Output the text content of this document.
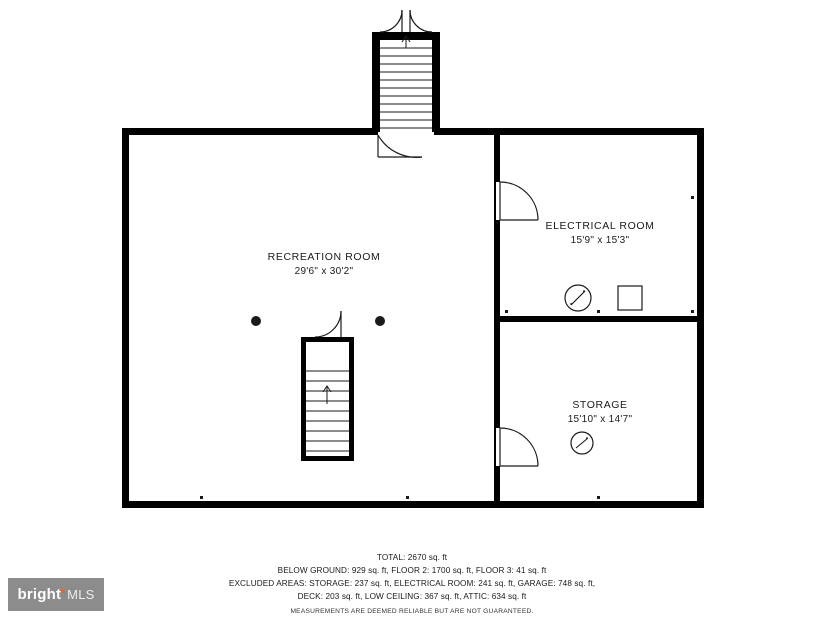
RECREATION ROOM
29'6" x 30'2"
ELECTRICAL ROOM
15'9" x 15'3"
STORAGE
15'10" x 14'7"
TOTAL: 2670 sq. ft
BELOW GROUND: 929 sq. ft, FLOOR 2: 1700 sq. ft, FLOOR 3: 41 sq. ft
EXCLUDED AREAS: STORAGE: 237 sq. ft, ELECTRICAL ROOM: 241 sq. ft, GARAGE: 748 sq. ft,
DECK: 203 sq. ft, LOW CEILING: 367 sq. ft, ATTIC: 634 sq. ft
MEASUREMENTS ARE DEEMED RELIABLE BUT ARE NOT GUARANTEED.
bright MLS
